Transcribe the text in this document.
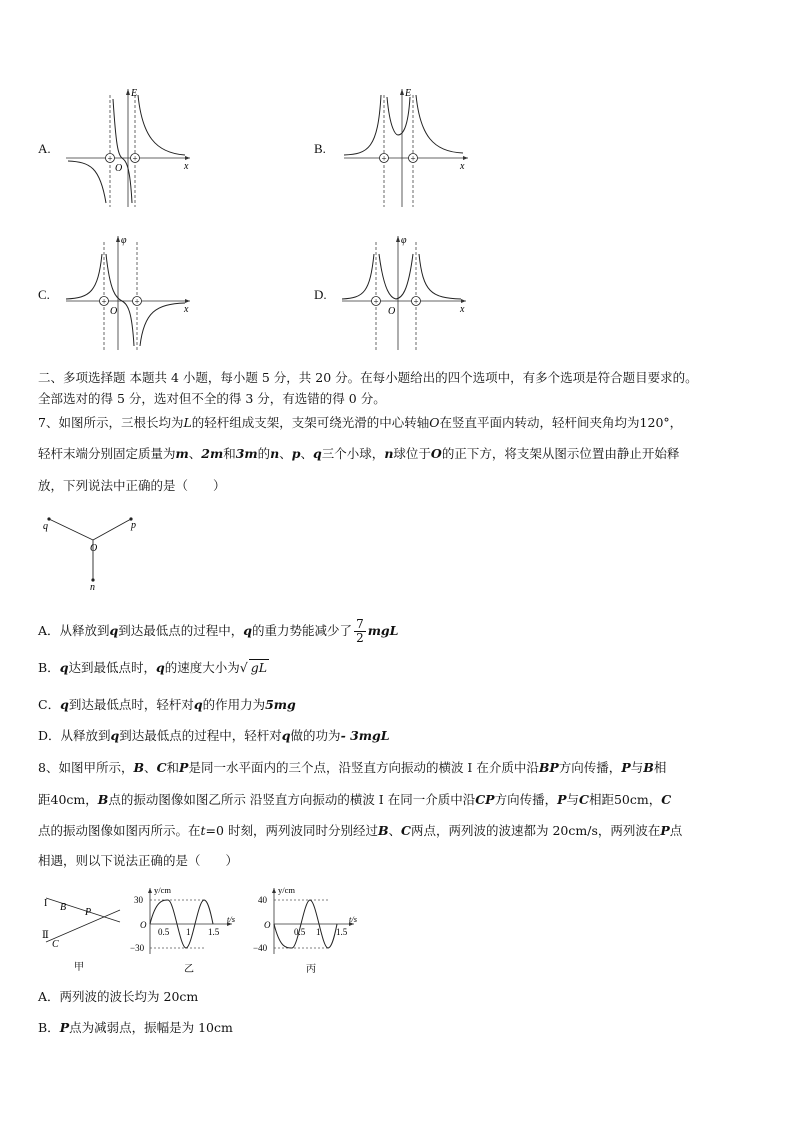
A.
+ +
E
x
O
B.
+	+
E
x
C.	+	+
φ
x
O
D.	+	+
φ
x
O
二、多项选择题 本题共 4 小题，每小题 5 分，共 20 分。在每小题给出的四个选项中，有多个选项是符合题目要求的。
全部选对的得 5 分，选对但不全的得 3 分，有选错的得 0 分。
7、如图所示，三根长均为L的轻杆组成支架，支架可绕光滑的中心转轴O在竖直平面内转动，轻杆间夹角均为120°，
轻杆末端分别固定质量为m、2m和3m的n、p、q三个小球，n球位于O的正下方，将支架从图示位置由静止开始释
放，下列说法中正确的是（　　）
q	p
O
n
A．从释放到 q 到达最低点的过程中， q 的重力势能减少了 $\frac{7}{2}$ mgL
B．q达到最低点时，q的速度大小为√ gL
C．q到达最低点时，轻杆对q的作用力为5mg
D．从释放到q到达最低点的过程中，轻杆对q做的功为- 3mgL
8、如图甲所示，B、C和P是同一水平面内的三个点，沿竖直方向振动的横波 I 在介质中沿BP方向传播，P与B相
距40cm，B点的振动图像如图乙所示 沿竖直方向振动的横波 I 在同一介质中沿CP方向传播，P与C相距50cm，C
点的振动图像如图丙所示。在t=0 时刻，两列波同时分别经过B、C两点，两列波的波速都为 20cm/s，两列波在P点
相遇，则以下说法正确的是（　　）
I B P
Ⅱ
C
甲
y/cm
t/s
30
−30
O
0.5 1 1.5
乙
y/cm
t/s
40
−40
O
0.5 1 1.5
丙
A．两列波的波长均为 20cm
B．P点为减弱点，振幅是为 10cm
